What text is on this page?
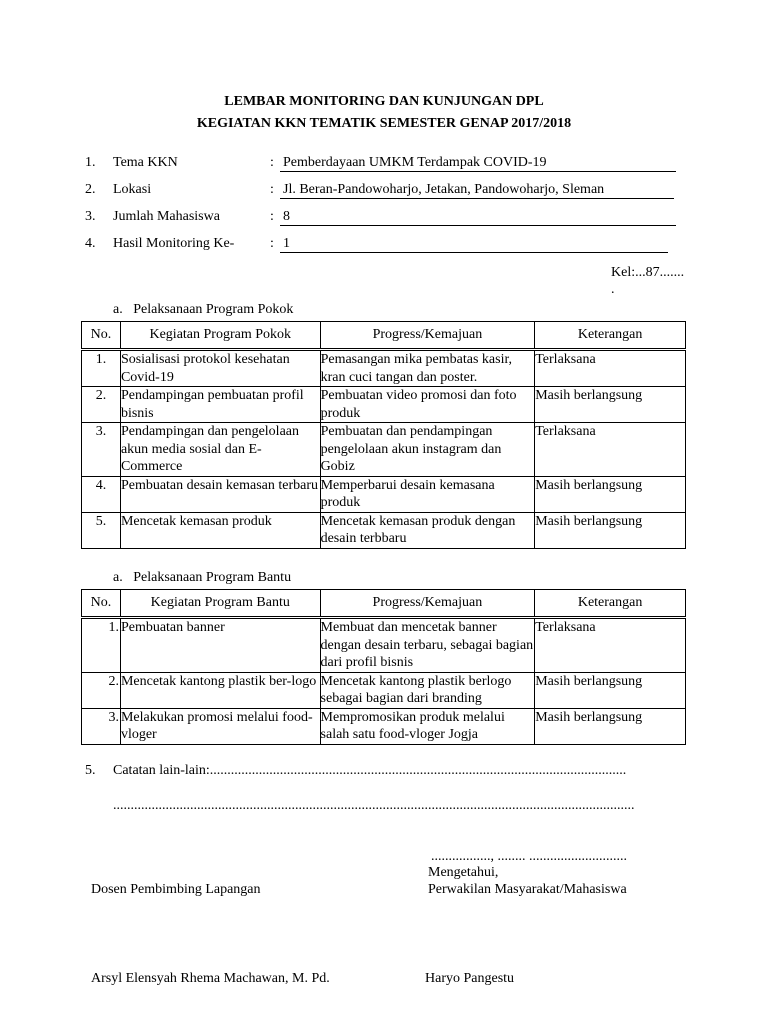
LEMBAR MONITORING DAN KUNJUNGAN DPL
KEGIATAN KKN TEMATIK SEMESTER GENAP 2017/2018
1. Tema KKN	: Pemberdayaan UMKM Terdampak COVID-19
2. Lokasi	: Jl. Beran-Pandowoharjo, Jetakan, Pandowoharjo, Sleman
3. Jumlah Mahasiswa	: 8
4. Hasil Monitoring Ke-	: 1
Kel:...87.......
.
a.   Pelaksanaan Program Pokok
No.	Kegiatan Program Pokok	Progress/Kemajuan	Keterangan
1.	Sosialisasi protokol kesehatan Covid-19	Pemasangan mika pembatas kasir, kran cuci tangan dan poster.	Terlaksana
2.	Pendampingan pembuatan profil bisnis	Pembuatan video promosi dan foto produk	Masih berlangsung
3.	Pendampingan dan pengelolaan akun media sosial dan E-Commerce	Pembuatan dan pendampingan pengelolaan akun instagram dan Gobiz	Terlaksana
4.	Pembuatan desain kemasan terbaru	Memperbarui desain kemasana produk	Masih berlangsung
5.	Mencetak kemasan produk	Mencetak kemasan produk dengan desain terbbaru	Masih berlangsung
a.   Pelaksanaan Program Bantu
No.	Kegiatan Program Bantu	Progress/Kemajuan	Keterangan
1.	Pembuatan banner	Membuat dan mencetak banner dengan desain terbaru, sebagai bagian dari profil bisnis	Terlaksana
2.	Mencetak kantong plastik ber-logo	Mencetak kantong plastik berlogo sebagai bagian dari branding	Masih berlangsung
3.	Melakukan promosi melalui food-vloger	Mempromosikan produk melalui salah satu food-vloger Jogja	Masih berlangsung
5. Catatan lain-lain:.......................................................................................................................
.....................................................................................................................................................
................., ........ ............................
Mengetahui,
Dosen Pembimbing Lapangan	Perwakilan Masyarakat/Mahasiswa
Arsyl Elensyah Rhema Machawan, M. Pd.	Haryo Pangestu
